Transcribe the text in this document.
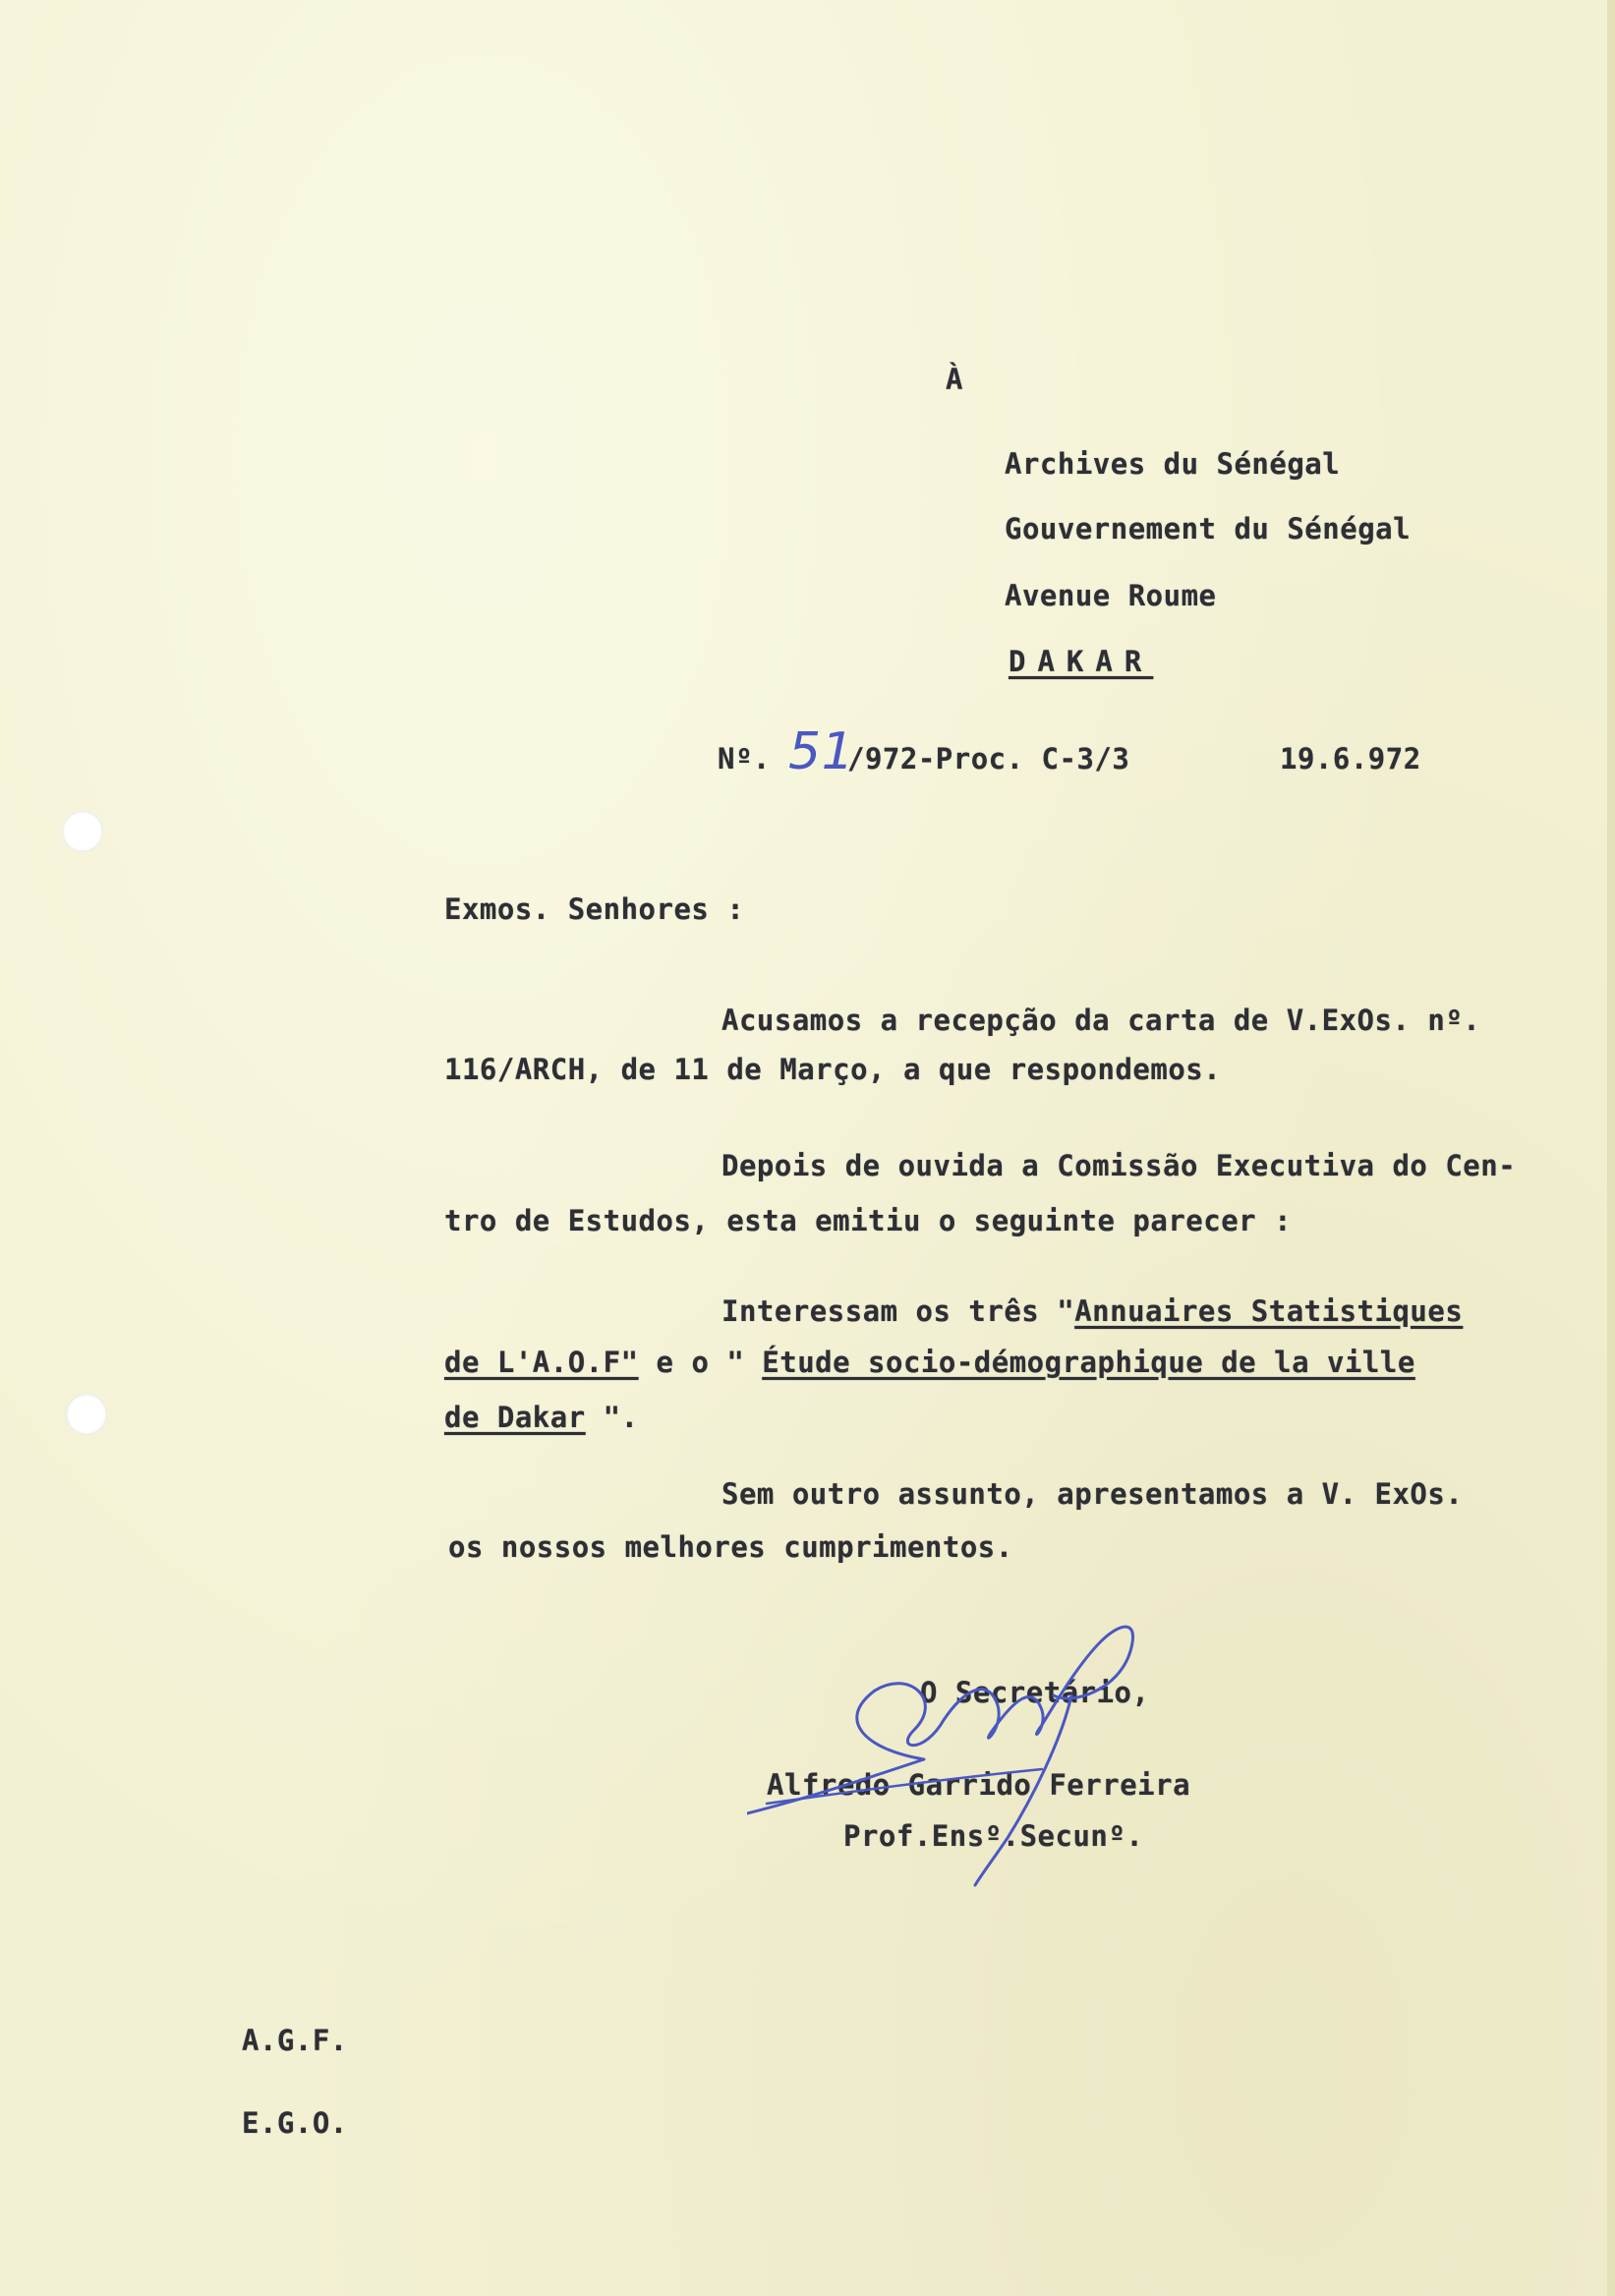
À
Archives du Sénégal
Gouvernement du Sénégal
Avenue Roume
DAKAR
Nº. 51
/972-Proc. C-3/3	19.6.972
Exmos. Senhores :
Acusamos a recepção da carta de V.ExOs. nº.
116/ARCH, de 11 de Março, a que respondemos.
Depois de ouvida a Comissão Executiva do Cen-
tro de Estudos, esta emitiu o seguinte parecer :
Interessam os três "Annuaires Statistiques
de L'A.O.F" e o " Étude socio-démographique de la ville
de Dakar ".
Sem outro assunto, apresentamos a V. ExOs.
os nossos melhores cumprimentos.
O Secretário,
Alfredo Garrido Ferreira
Prof.Ensº.Secunº.
A.G.F.
E.G.O.
